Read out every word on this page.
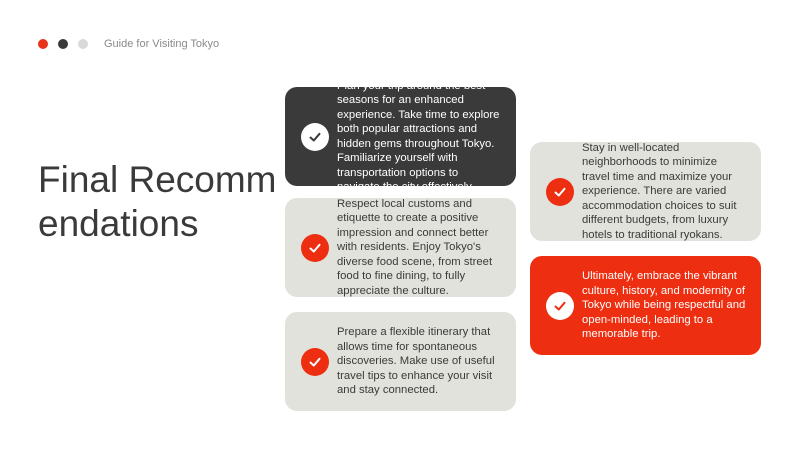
Guide for Visiting Tokyo
Final Recommendations
Plan your trip around the best seasons for an enhanced experience. Take time to explore both popular attractions and hidden gems throughout Tokyo. Familiarize yourself with transportation options to navigate the city effectively.
Respect local customs and etiquette to create a positive impression and connect better with residents. Enjoy Tokyo's diverse food scene, from street food to fine dining, to fully appreciate the culture.
Prepare a flexible itinerary that allows time for spontaneous discoveries. Make use of useful travel tips to enhance your visit and stay connected.
Stay in well-located neighborhoods to minimize travel time and maximize your experience. There are varied accommodation choices to suit different budgets, from luxury hotels to traditional ryokans.
Ultimately, embrace the vibrant culture, history, and modernity of Tokyo while being respectful and open-minded, leading to a memorable trip.
